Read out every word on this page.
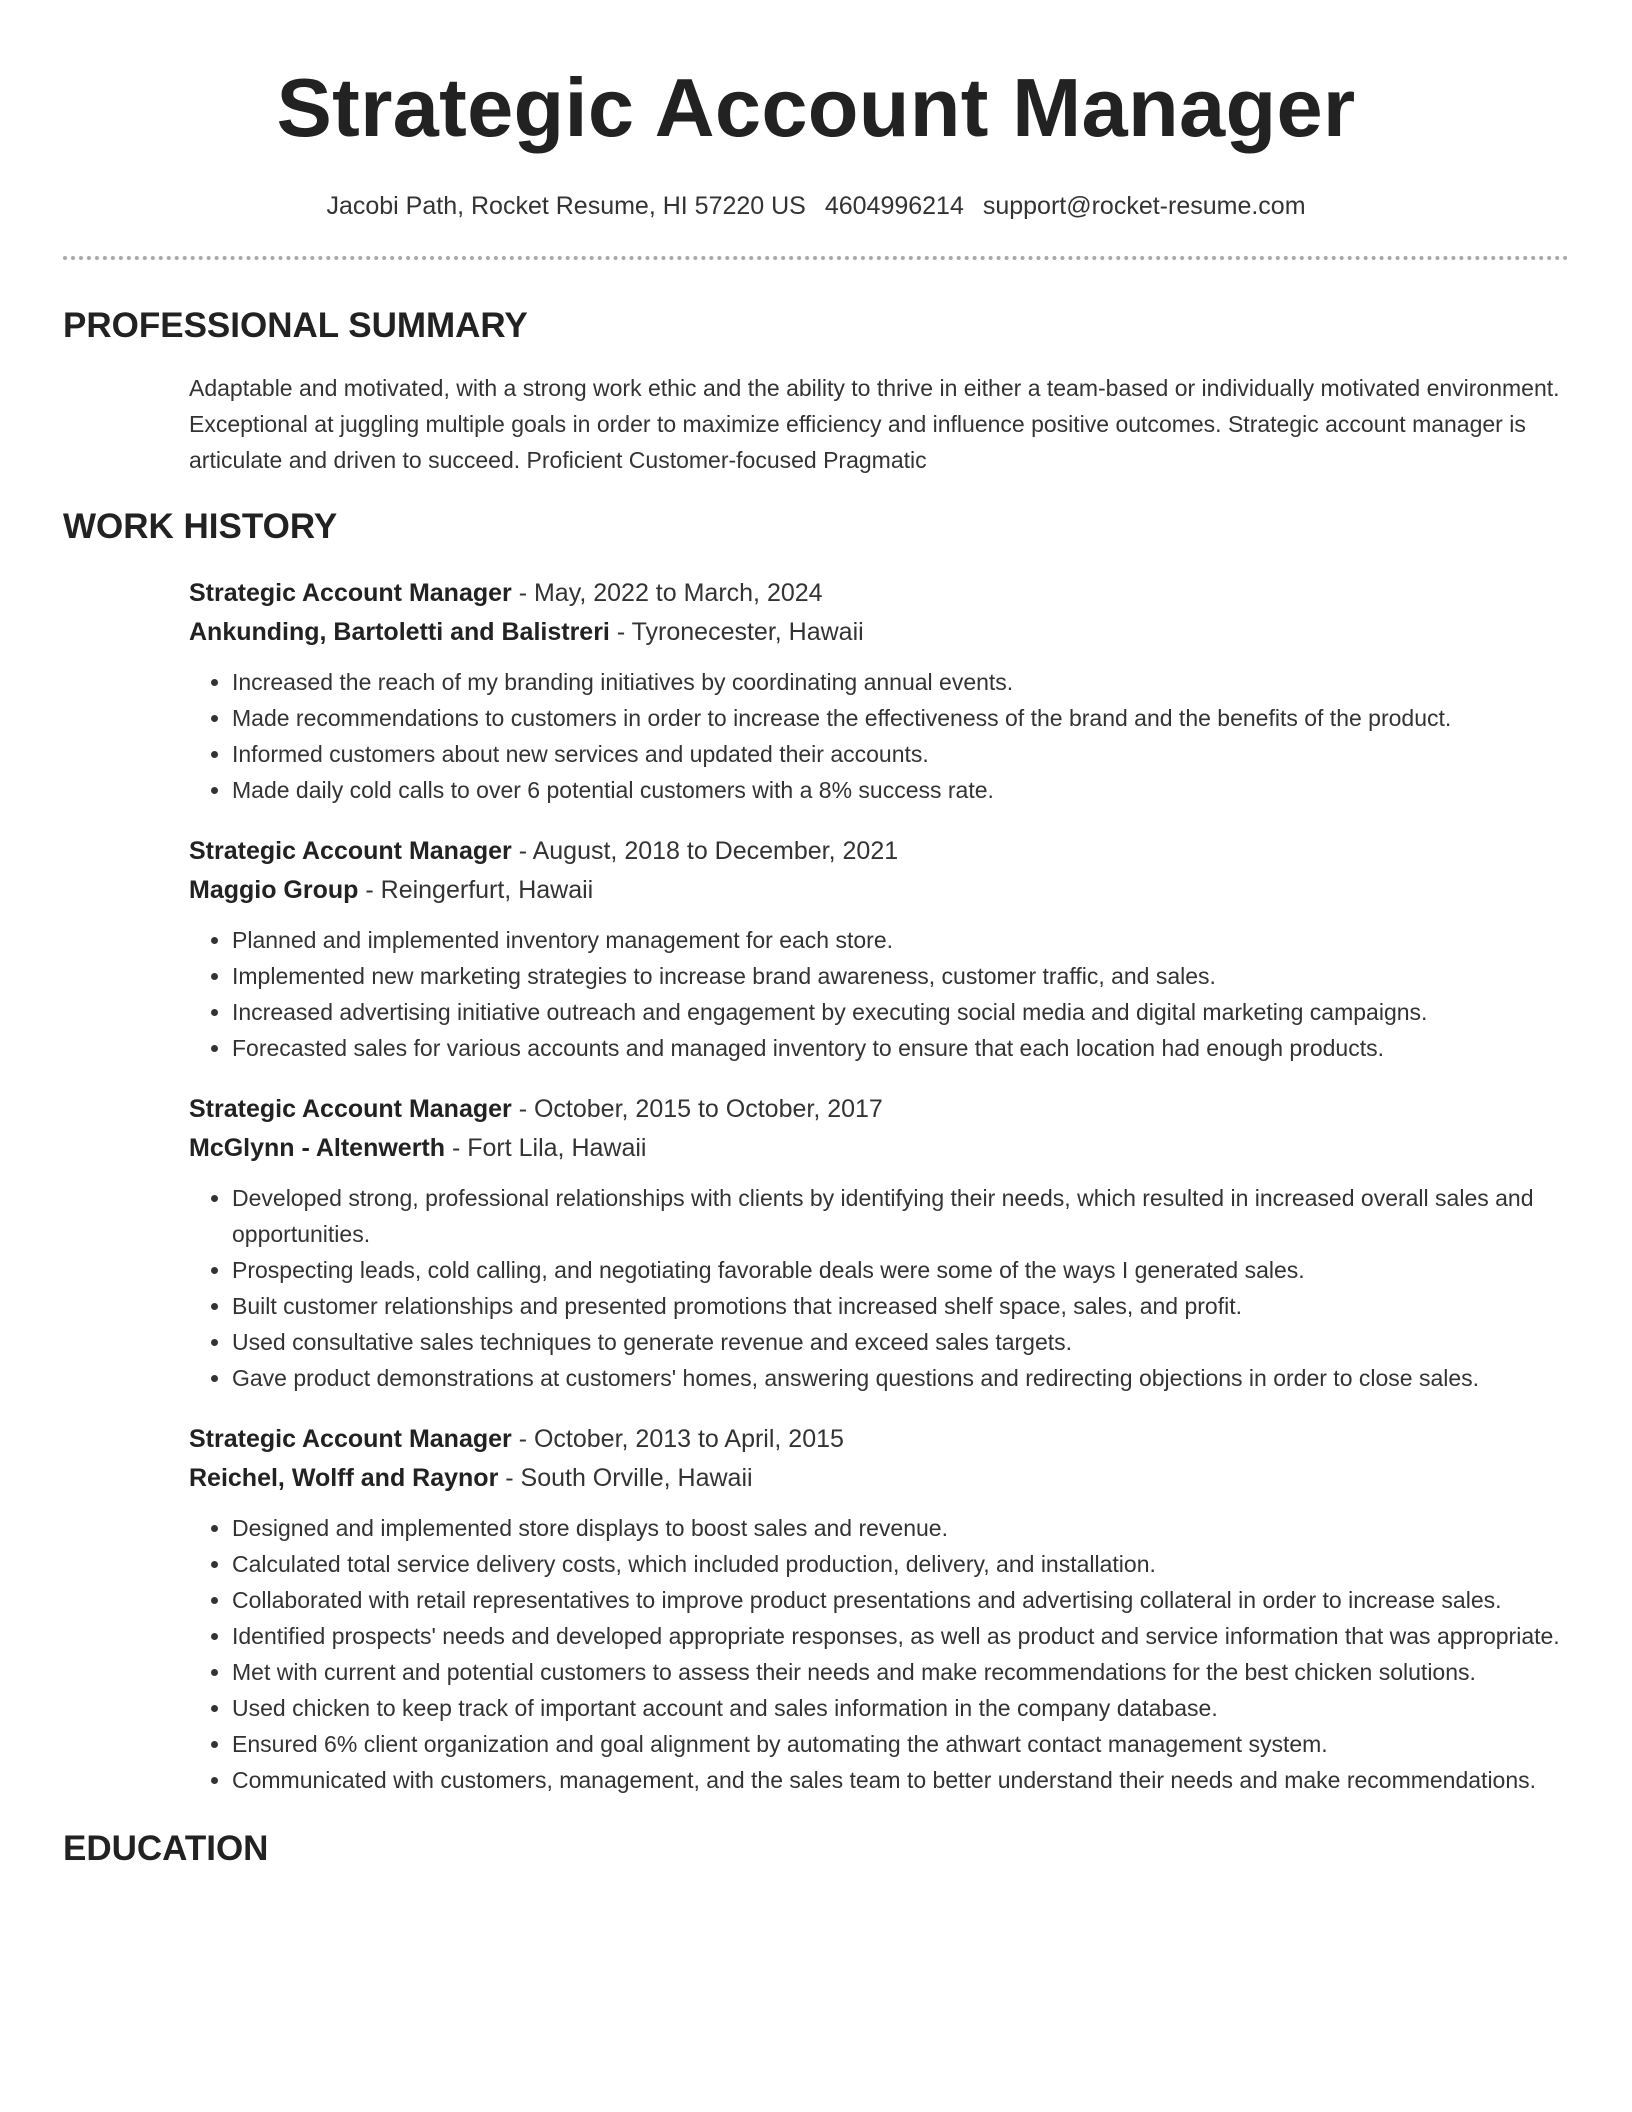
Strategic Account Manager
Jacobi Path, Rocket Resume, HI 57220 US 4604996214 support@rocket-resume.com
PROFESSIONAL SUMMARY

Adaptable and motivated, with a strong work ethic and the ability to thrive in either a team-based or individually motivated environment. Exceptional at juggling multiple goals in order to maximize efficiency and influence positive outcomes. Strategic account manager is articulate and driven to succeed. Proficient Customer-focused Pragmatic

WORK HISTORY
Strategic Account Manager - May, 2022 to March, 2024
Ankunding, Bartoletti and Balistreri - Tyronecester, Hawaii
• Increased the reach of my branding initiatives by coordinating annual events.
• Made recommendations to customers in order to increase the effectiveness of the brand and the benefits of the product.
• Informed customers about new services and updated their accounts.
• Made daily cold calls to over 6 potential customers with a 8% success rate.
Strategic Account Manager - August, 2018 to December, 2021
Maggio Group - Reingerfurt, Hawaii
• Planned and implemented inventory management for each store.
• Implemented new marketing strategies to increase brand awareness, customer traffic, and sales.
• Increased advertising initiative outreach and engagement by executing social media and digital marketing campaigns.
• Forecasted sales for various accounts and managed inventory to ensure that each location had enough products.
Strategic Account Manager - October, 2015 to October, 2017
McGlynn - Altenwerth - Fort Lila, Hawaii
• Developed strong, professional relationships with clients by identifying their needs, which resulted in increased overall sales and opportunities.
• Prospecting leads, cold calling, and negotiating favorable deals were some of the ways I generated sales.
• Built customer relationships and presented promotions that increased shelf space, sales, and profit.
• Used consultative sales techniques to generate revenue and exceed sales targets.
• Gave product demonstrations at customers' homes, answering questions and redirecting objections in order to close sales.
Strategic Account Manager - October, 2013 to April, 2015
Reichel, Wolff and Raynor - South Orville, Hawaii
• Designed and implemented store displays to boost sales and revenue.
• Calculated total service delivery costs, which included production, delivery, and installation.
• Collaborated with retail representatives to improve product presentations and advertising collateral in order to increase sales.
• Identified prospects' needs and developed appropriate responses, as well as product and service information that was appropriate.
• Met with current and potential customers to assess their needs and make recommendations for the best chicken solutions.
• Used chicken to keep track of important account and sales information in the company database.
• Ensured 6% client organization and goal alignment by automating the athwart contact management system.
• Communicated with customers, management, and the sales team to better understand their needs and make recommendations.
EDUCATION
